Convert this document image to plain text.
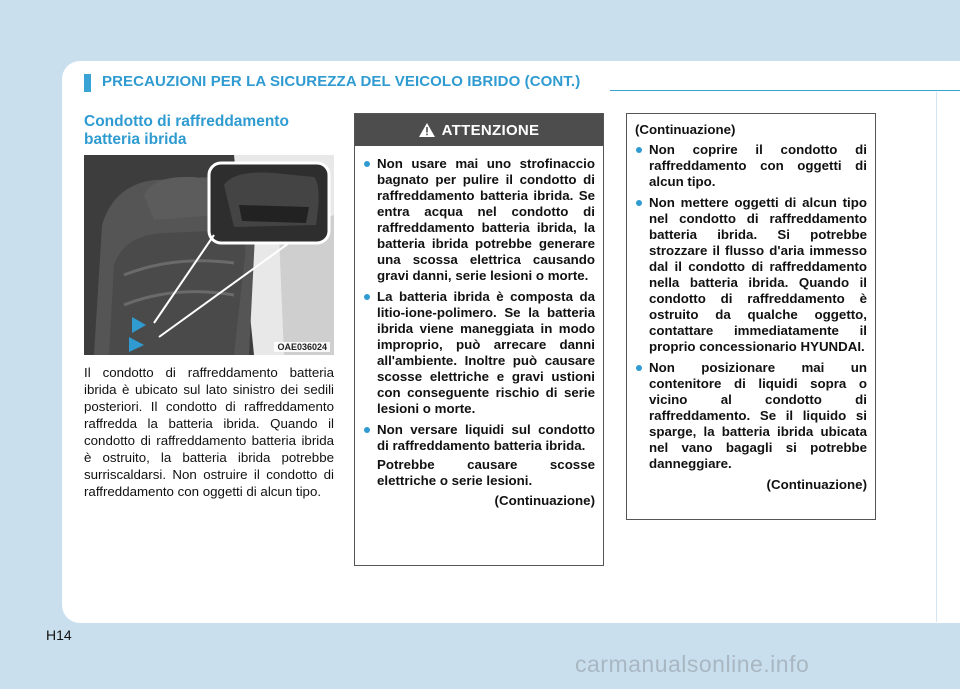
PRECAUZIONI PER LA SICUREZZA DEL VEICOLO IBRIDO (CONT.)
Condotto di raffreddamento batteria ibrida
OAE036024
Il condotto di raffreddamento batteria ibrida è ubicato sul lato sinistro dei sedili posteriori. Il condotto di raffreddamento raffredda la batteria ibrida. Quando il condotto di raffreddamento batteria ibrida è ostruito, la batteria ibrida potrebbe surriscaldarsi. Non ostruire il condotto di raffreddamento con oggetti di alcun tipo.
ATTENZIONE
Non usare mai uno strofinaccio bagnato per pulire il condotto di raffreddamento batteria ibrida. Se entra acqua nel condotto di raffreddamento batteria ibrida, la batteria ibrida potrebbe generare una scossa elettrica causando gravi danni, serie lesioni o morte.
La batteria ibrida è composta da litio-ione-polimero. Se la batteria ibrida viene maneggiata in modo improprio, può arrecare danni all'ambiente. Inoltre può causare scosse elettriche e gravi ustioni con conseguente rischio di serie lesioni o morte.
Non versare liquidi sul condotto di raffreddamento batteria ibrida.
Potrebbe causare scosse elettriche o serie lesioni.
(Continuazione)
(Continuazione)
Non coprire il condotto di raffreddamento con oggetti di alcun tipo.
Non mettere oggetti di alcun tipo nel condotto di raffreddamento batteria ibrida. Si potrebbe strozzare il flusso d'aria immesso dal il condotto di raffreddamento nella batteria ibrida. Quando il condotto di raffreddamento è ostruito da qualche oggetto, contattare immediatamente il proprio concessionario HYUNDAI.
Non posizionare mai un contenitore di liquidi sopra o vicino al condotto di raffreddamento. Se il liquido si sparge, la batteria ibrida ubicata nel vano bagagli si potrebbe danneggiare.
(Continuazione)
H14
carmanualsonline.info
